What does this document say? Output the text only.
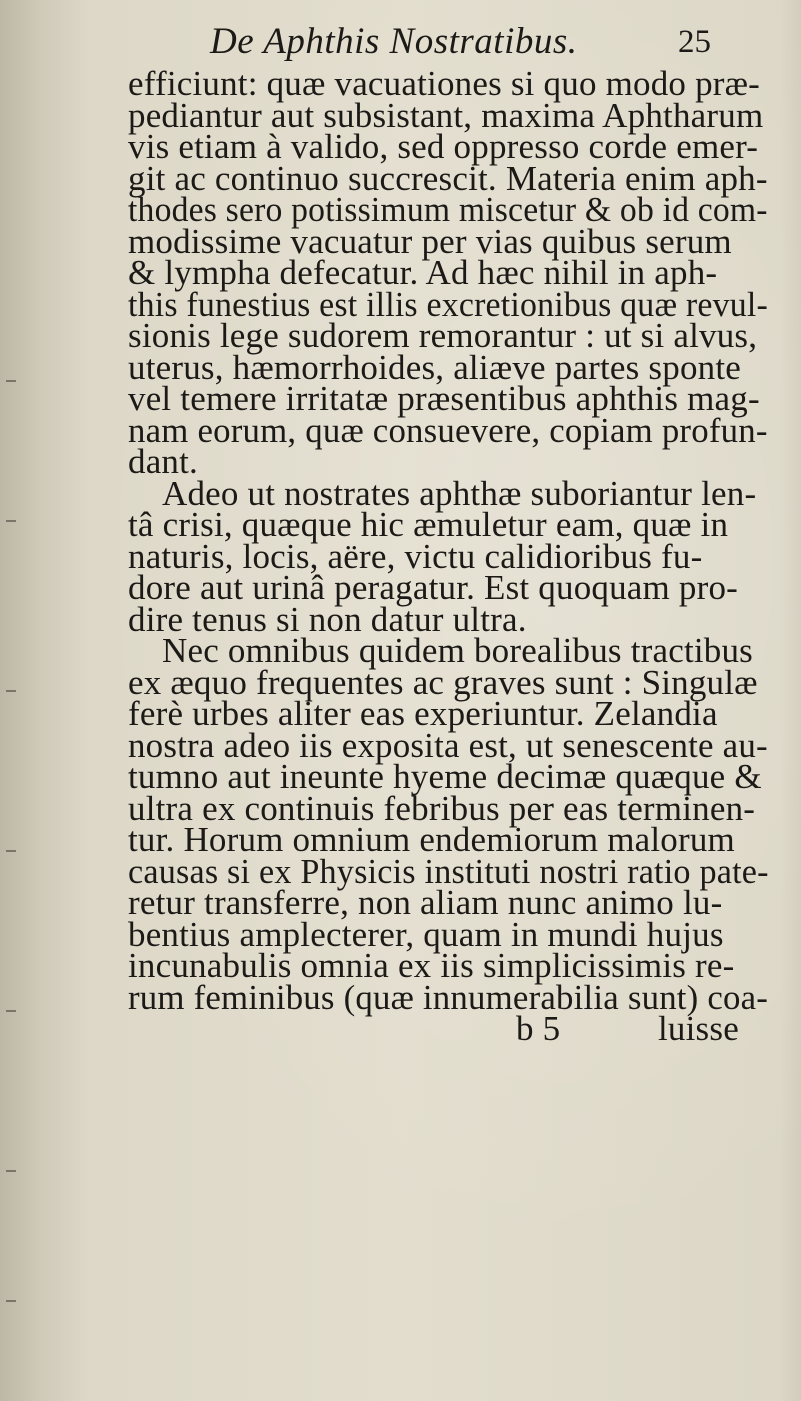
De Aphthis Nostratibus.	25
efficiunt: quæ vacuationes si quo modo præ-
pediantur aut subsistant, maxima Aphtharum
vis etiam à valido, sed oppresso corde emer-
git ac continuo succrescit. Materia enim aph-
thodes sero potissimum miscetur & ob id com-
modissime vacuatur per vias quibus serum
& lympha defecatur. Ad hæc nihil in aph-
this funestius est illis excretionibus quæ revul-
sionis lege sudorem remorantur : ut si alvus,
uterus, hæmorrhoides, aliæve partes sponte
vel temere irritatæ præsentibus aphthis mag-
nam eorum, quæ consuevere, copiam profun-
dant.
Adeo ut nostrates aphthæ suboriantur len-
tâ crisi, quæque hic æmuletur eam, quæ in
naturis, locis, aëre, victu calidioribus fu-
dore aut urinâ peragatur. Est quoquam pro-
dire tenus si non datur ultra.
Nec omnibus quidem borealibus tractibus
ex æquo frequentes ac graves sunt : Singulæ
ferè urbes aliter eas experiuntur. Zelandia
nostra adeo iis exposita est, ut senescente au-
tumno aut ineunte hyeme decimæ quæque &
ultra ex continuis febribus per eas terminen-
tur. Horum omnium endemiorum malorum
causas si ex Physicis instituti nostri ratio pate-
retur transferre, non aliam nunc animo lu-
bentius amplecterer, quam in mundi hujus
incunabulis omnia ex iis simplicissimis re-
rum feminibus (quæ innumerabilia sunt) coa-
b 5	luisse
